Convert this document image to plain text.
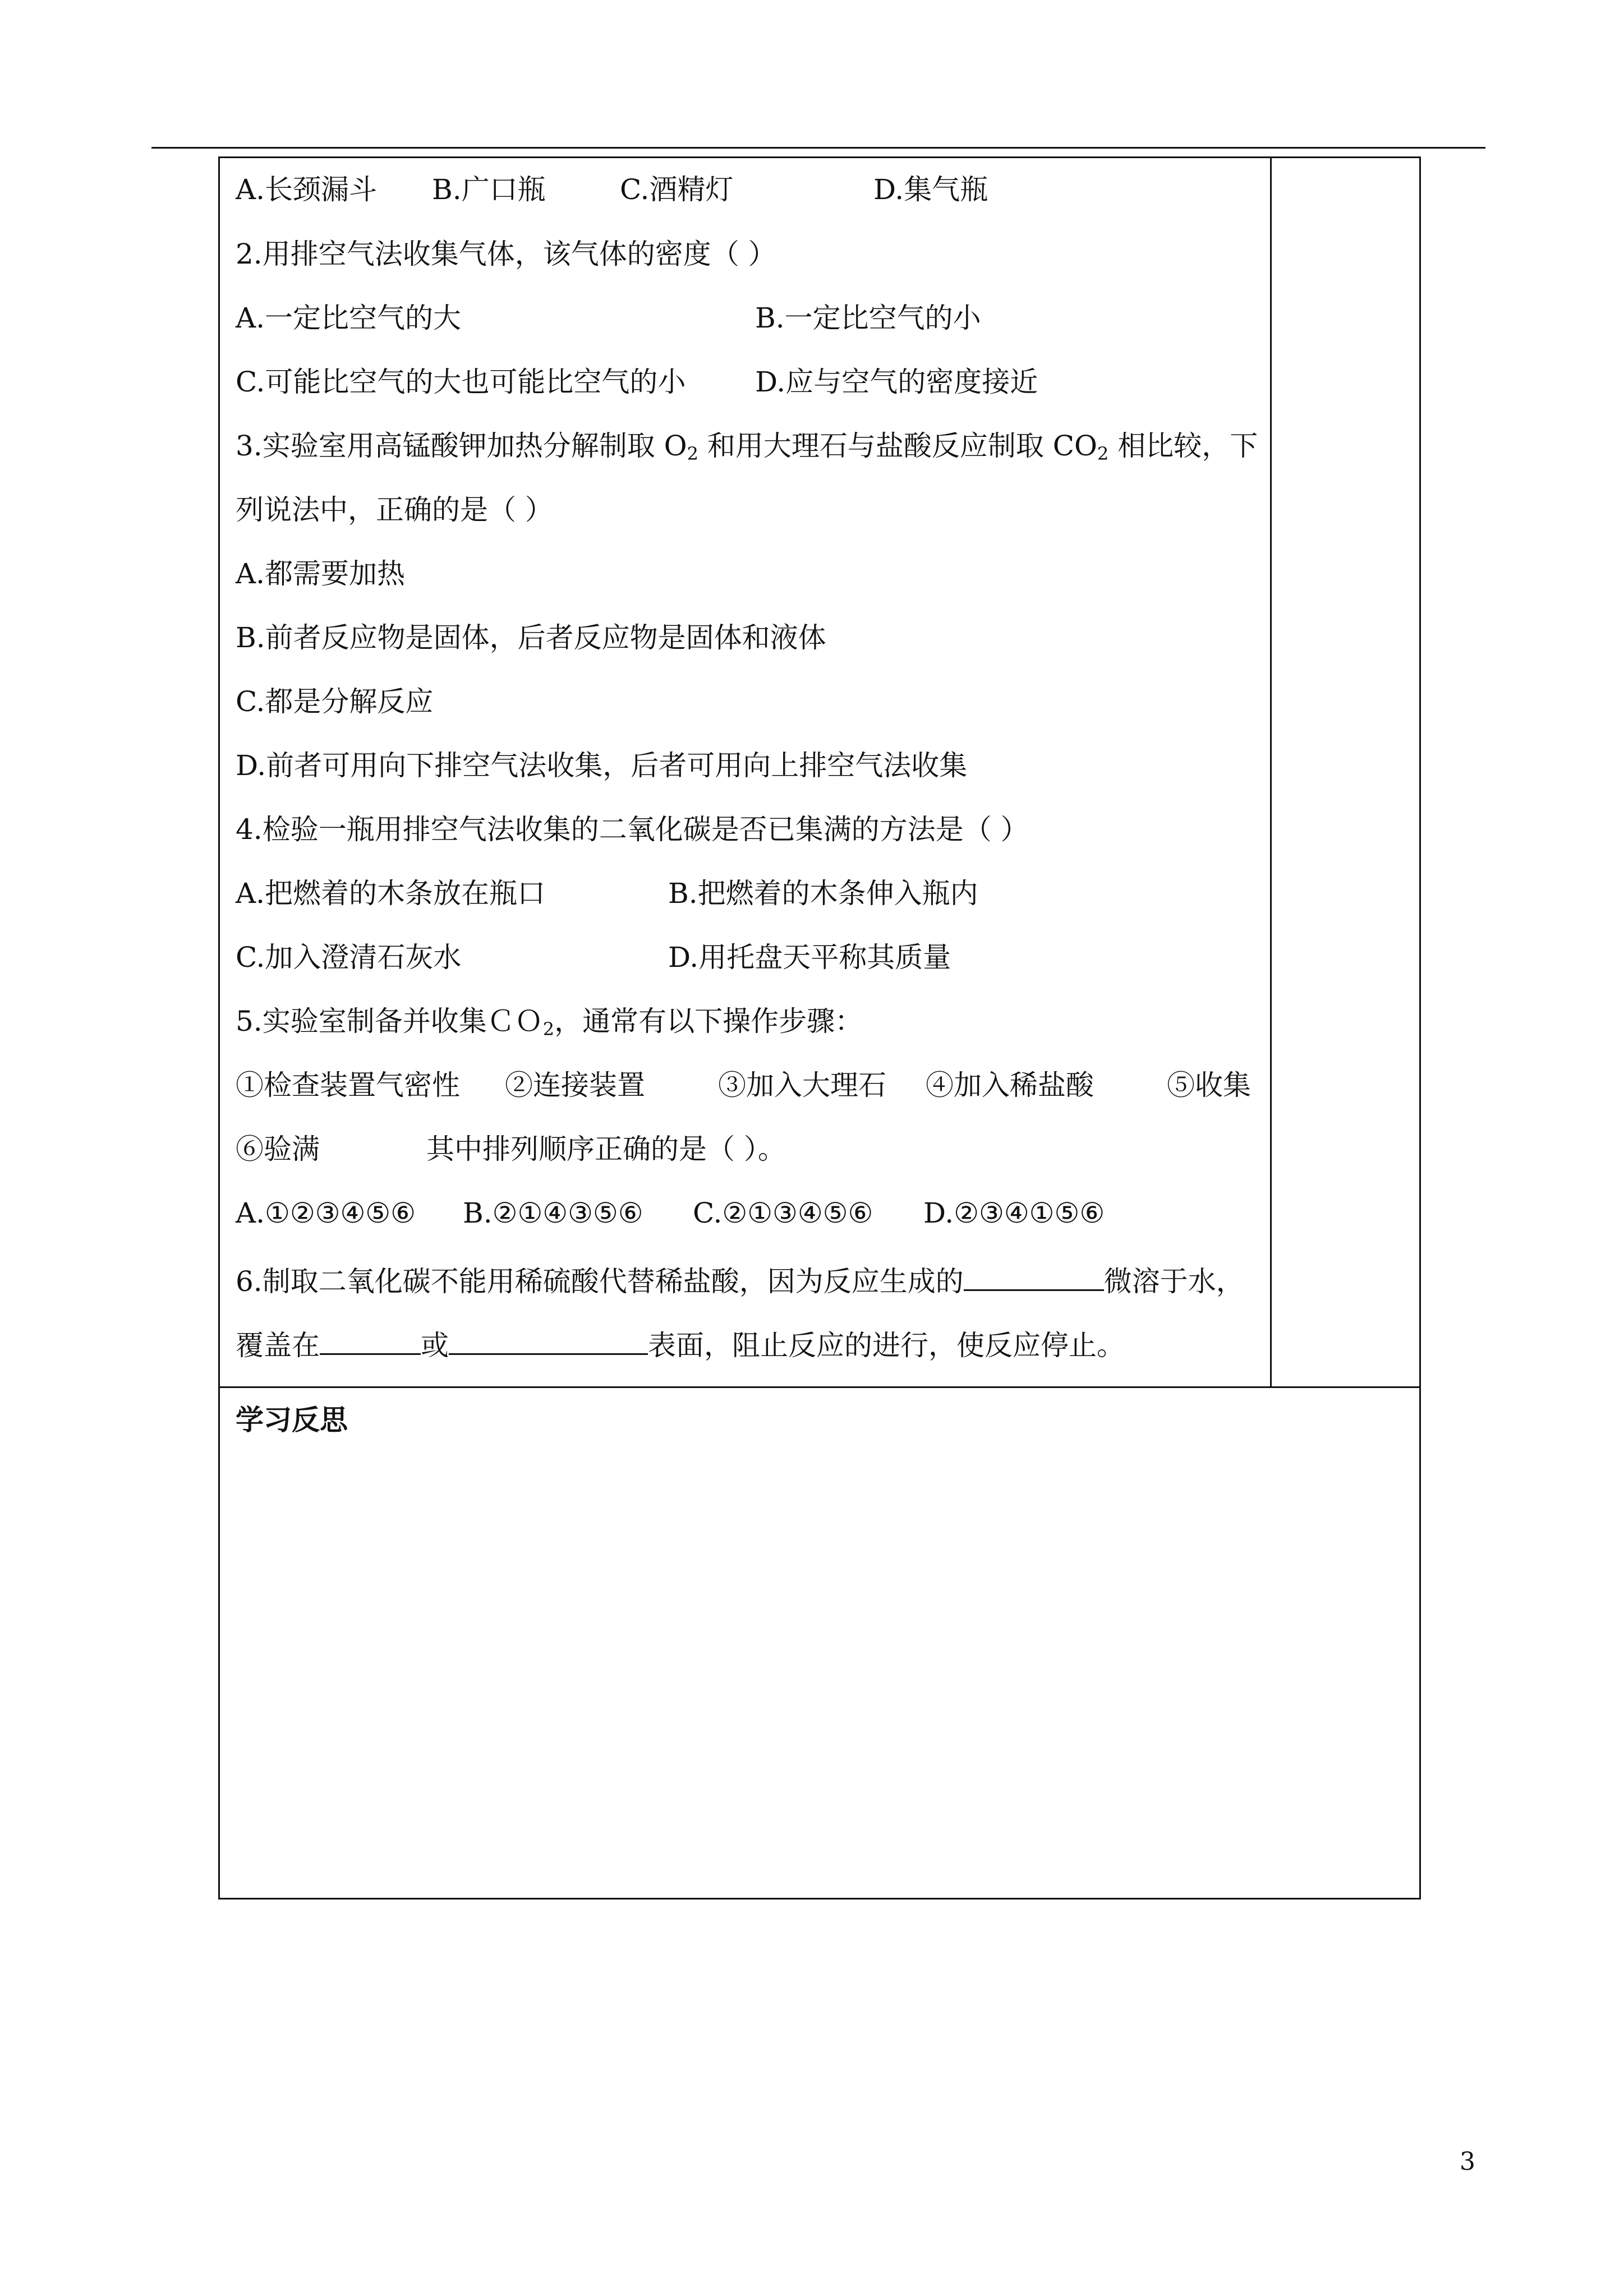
A.长颈漏斗 B.广口瓶	C.酒精灯	D.集气瓶
2.用排空气法收集气体，该气体的密度（ ）
A.一定比空气的大	B.一定比空气的小
C.可能比空气的大也可能比空气的小 D.应与空气的密度接近
3.实验室用高锰酸钾加热分解制取 $O_2$ 和用大理石与盐酸反应制取 $CO_2$ 相比较，下
列说法中，正确的是（ ）
A.都需要加热
B.前者反应物是固体，后者反应物是固体和液体
C.都是分解反应
D.前者可用向下排空气法收集，后者可用向上排空气法收集
4.检验一瓶用排空气法收集的二氧化碳是否已集满的方法是（ ）
A.把燃着的木条放在瓶口	B.把燃着的木条伸入瓶内
C.加入澄清石灰水	D.用托盘天平称其质量
5.实验室制备并收集ＣＯ$_2$，通常有以下操作步骤：
①检查装置气密性 ②连接装置	③加入大理石 ④加入稀盐酸	⑤收集
⑥验满	其中排列顺序正确的是（ ）。
A.①②③④⑤⑥ B.②①④③⑤⑥ C.②①③④⑤⑥ D.②③④①⑤⑥
6.制取二氧化碳不能用稀硫酸代替稀盐酸，因为反应生成的	微溶于水，
覆盖在	或	表面，阻止反应的进行，使反应停止。
学习反思
3
